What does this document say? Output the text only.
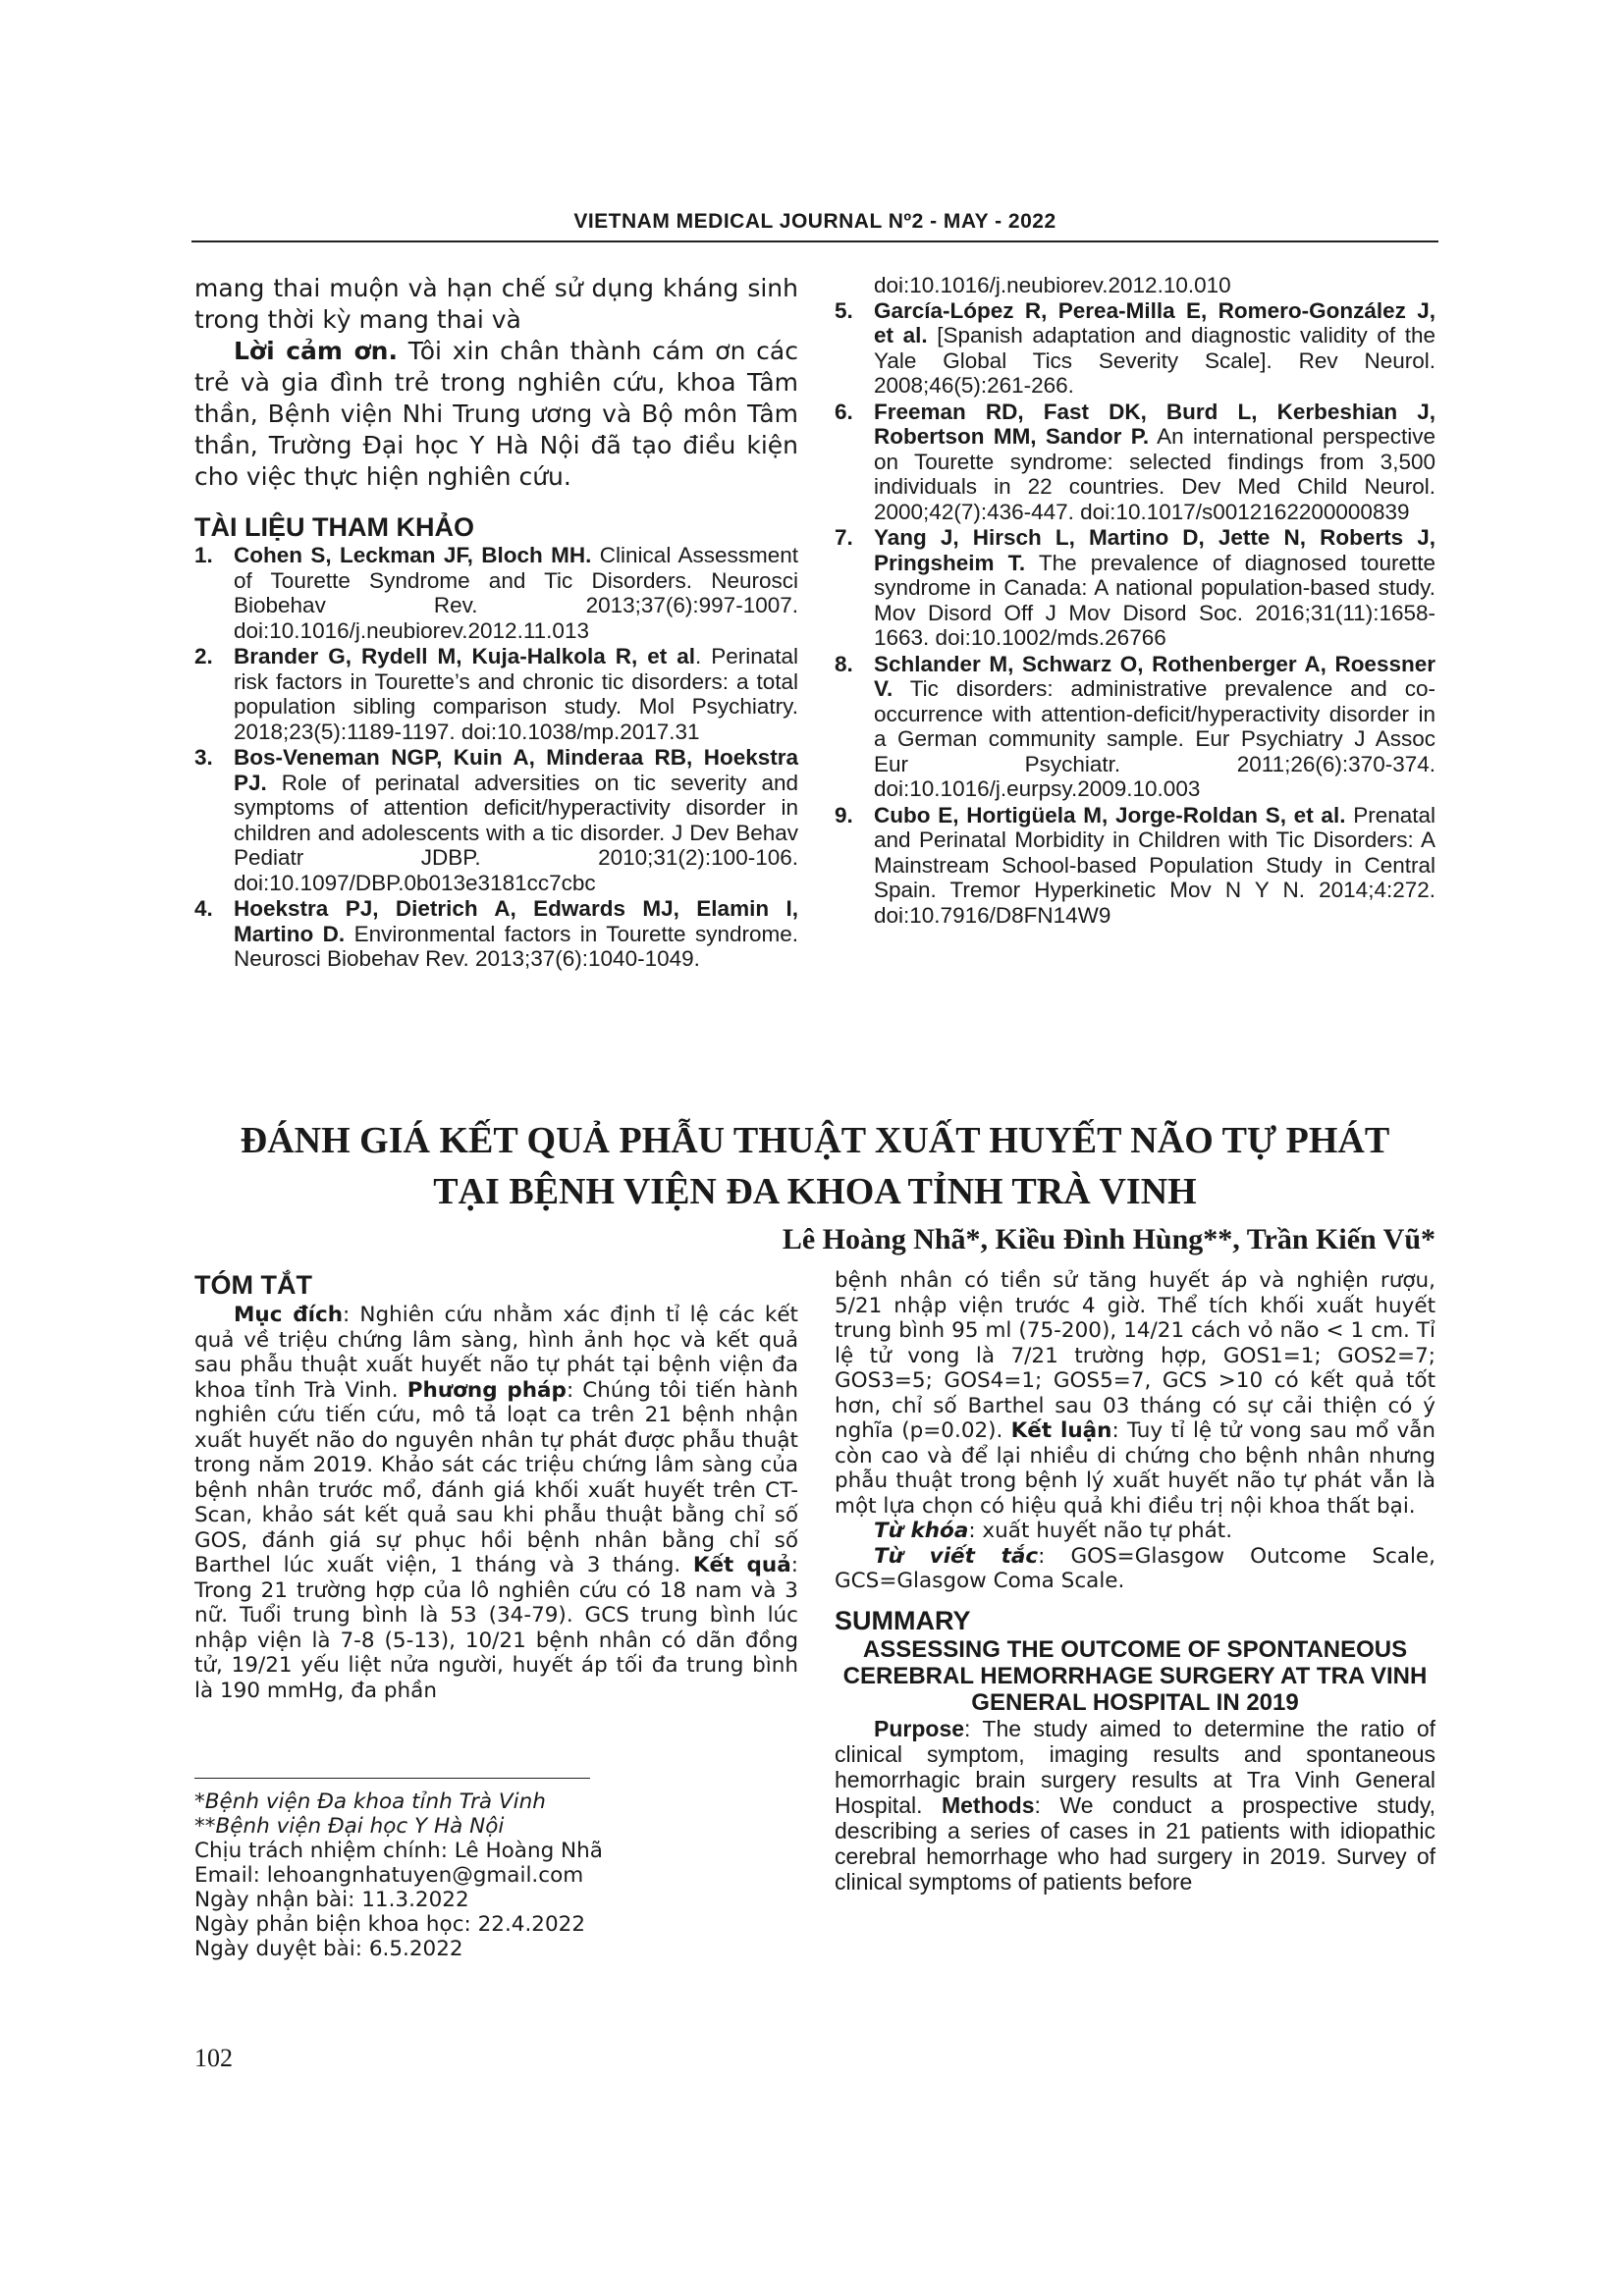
VIETNAM MEDICAL JOURNAL Nº2 - MAY - 2022

mang thai muộn và hạn chế sử dụng kháng sinh trong thời kỳ mang thai và

Lời cảm ơn. Tôi xin chân thành cám ơn các trẻ và gia đình trẻ trong nghiên cứu, khoa Tâm thần, Bệnh viện Nhi Trung ương và Bộ môn Tâm thần, Trường Đại học Y Hà Nội đã tạo điều kiện cho việc thực hiện nghiên cứu.

TÀI LIỆU THAM KHẢO

1. Cohen S, Leckman JF, Bloch MH. Clinical Assessment of Tourette Syndrome and Tic Disorders. Neurosci Biobehav Rev. 2013;37(6):997-1007. doi:10.1016/j.neubiorev.2012.11.013
2. Brander G, Rydell M, Kuja-Halkola R, et al. Perinatal risk factors in Tourette’s and chronic tic disorders: a total population sibling comparison study. Mol Psychiatry. 2018;23(5):1189-1197. doi:10.1038/mp.2017.31
3. Bos-Veneman NGP, Kuin A, Minderaa RB, Hoekstra PJ. Role of perinatal adversities on tic severity and symptoms of attention deficit/hyperactivity disorder in children and adolescents with a tic disorder. J Dev Behav Pediatr JDBP. 2010;31(2):100-106. doi:10.1097/DBP.0b013e3181cc7cbc
4. Hoekstra PJ, Dietrich A, Edwards MJ, Elamin I, Martino D. Environmental factors in Tourette syndrome. Neurosci Biobehav Rev. 2013;37(6):1040-1049.
doi:10.1016/j.neubiorev.2012.10.010
5. García-López R, Perea-Milla E, Romero-González J, et al. [Spanish adaptation and diagnostic validity of the Yale Global Tics Severity Scale]. Rev Neurol. 2008;46(5):261-266.
6. Freeman RD, Fast DK, Burd L, Kerbeshian J, Robertson MM, Sandor P. An international perspective on Tourette syndrome: selected findings from 3,500 individuals in 22 countries. Dev Med Child Neurol. 2000;42(7):436-447. doi:10.1017/s0012162200000839
7. Yang J, Hirsch L, Martino D, Jette N, Roberts J, Pringsheim T. The prevalence of diagnosed tourette syndrome in Canada: A national population-based study. Mov Disord Off J Mov Disord Soc. 2016;31(11):1658-1663. doi:10.1002/mds.26766
8. Schlander M, Schwarz O, Rothenberger A, Roessner V. Tic disorders: administrative prevalence and co-occurrence with attention-deficit/hyperactivity disorder in a German community sample. Eur Psychiatry J Assoc Eur Psychiatr. 2011;26(6):370-374. doi:10.1016/j.eurpsy.2009.10.003
9. Cubo E, Hortigüela M, Jorge-Roldan S, et al. Prenatal and Perinatal Morbidity in Children with Tic Disorders: A Mainstream School-based Population Study in Central Spain. Tremor Hyperkinetic Mov N Y N. 2014;4:272. doi:10.7916/D8FN14W9
ĐÁNH GIÁ KẾT QUẢ PHẪU THUẬT XUẤT HUYẾT NÃO TỰ PHÁT
TẠI BỆNH VIỆN ĐA KHOA TỈNH TRÀ VINH
Lê Hoàng Nhã*, Kiều Đình Hùng**, Trần Kiến Vũ*

TÓM TẮT

Mục đích: Nghiên cứu nhằm xác định tỉ lệ các kết quả về triệu chứng lâm sàng, hình ảnh học và kết quả sau phẫu thuật xuất huyết não tự phát tại bệnh viện đa khoa tỉnh Trà Vinh. Phương pháp: Chúng tôi tiến hành nghiên cứu tiến cứu, mô tả loạt ca trên 21 bệnh nhận xuất huyết não do nguyên nhân tự phát được phẫu thuật trong năm 2019. Khảo sát các triệu chứng lâm sàng của bệnh nhân trước mổ, đánh giá khối xuất huyết trên CT-Scan, khảo sát kết quả sau khi phẫu thuật bằng chỉ số GOS, đánh giá sự phục hồi bệnh nhân bằng chỉ số Barthel lúc xuất viện, 1 tháng và 3 tháng. Kết quả: Trong 21 trường hợp của lô nghiên cứu có 18 nam và 3 nữ. Tuổi trung bình là 53 (34-79). GCS trung bình lúc nhập viện là 7-8 (5-13), 10/21 bệnh nhân có dãn đồng tử, 19/21 yếu liệt nửa người, huyết áp tối đa trung bình là 190 mmHg, đa phần

bệnh nhân có tiền sử tăng huyết áp và nghiện rượu, 5/21 nhập viện trước 4 giờ. Thể tích khối xuất huyết trung bình 95 ml (75-200), 14/21 cách vỏ não < 1 cm. Tỉ lệ tử vong là 7/21 trường hợp, GOS1=1; GOS2=7; GOS3=5; GOS4=1; GOS5=7, GCS >10 có kết quả tốt hơn, chỉ số Barthel sau 03 tháng có sự cải thiện có ý nghĩa (p=0.02). Kết luận: Tuy tỉ lệ tử vong sau mổ vẫn còn cao và để lại nhiều di chứng cho bệnh nhân nhưng phẫu thuật trong bệnh lý xuất huyết não tự phát vẫn là một lựa chọn có hiệu quả khi điều trị nội khoa thất bại.

Từ khóa: xuất huyết não tự phát.

Từ viết tắc: GOS=Glasgow Outcome Scale, GCS=Glasgow Coma Scale.

SUMMARY

ASSESSING THE OUTCOME OF SPONTANEOUS CEREBRAL HEMORRHAGE SURGERY AT TRA VINH GENERAL HOSPITAL IN 2019

Purpose: The study aimed to determine the ratio of clinical symptom, imaging results and spontaneous hemorrhagic brain surgery results at Tra Vinh General Hospital. Methods: We conduct a prospective study, describing a series of cases in 21 patients with idiopathic cerebral hemorrhage who had surgery in 2019. Survey of clinical symptoms of patients before

*Bệnh viện Đa khoa tỉnh Trà Vinh

**Bệnh viện Đại học Y Hà Nội

Chịu trách nhiệm chính: Lê Hoàng Nhã

Email: lehoangnhatuyen@gmail.com

Ngày nhận bài: 11.3.2022

Ngày phản biện khoa học: 22.4.2022

Ngày duyệt bài: 6.5.2022

102
